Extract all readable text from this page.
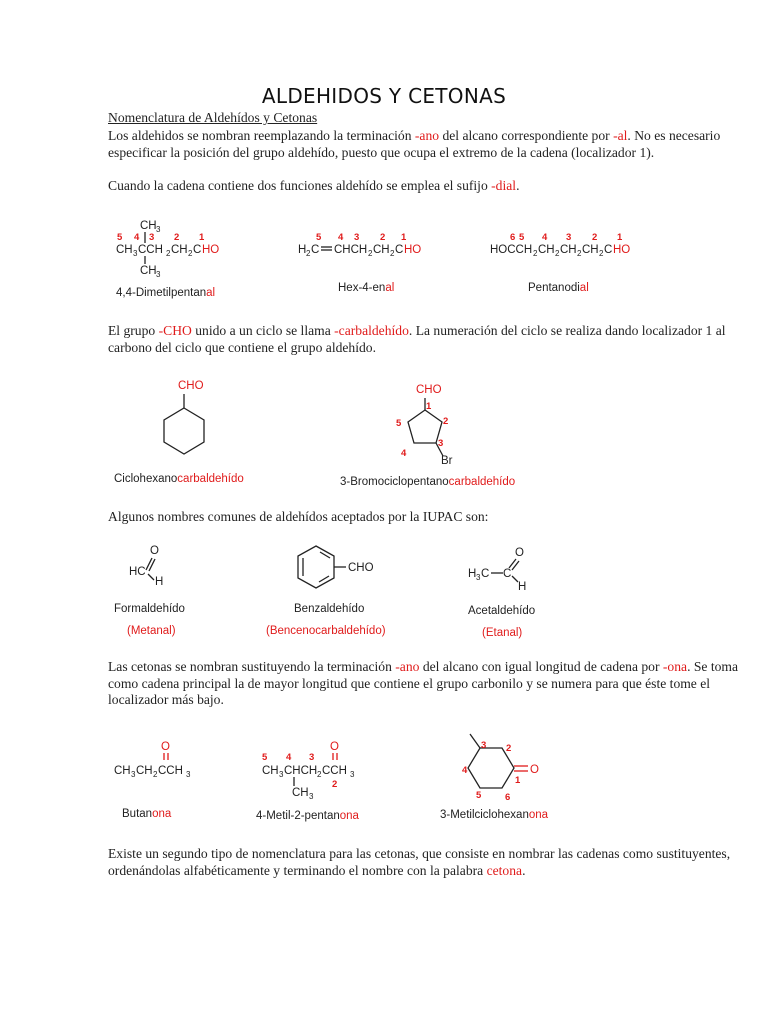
ALDEHIDOS Y CETONAS
Nomenclatura de Aldehídos y Cetonas
Los aldehidos se nombran reemplazando la terminación -ano del alcano correspondiente por -al. No es necesario especificar la posición del grupo aldehído, puesto que ocupa el extremo de la cadena (localizador 1).
Cuando la cadena contiene dos funciones aldehído se emplea el sufijo -dial.
CH 3
5 4 3 2 1
CH 3 CCH 2 CH 2 C HO
CH 3
4,4-Dimetilpentanal
5 4 3 2 1
H 2 C CHCH 2 CH 2 C HO
Hex-4-enal
6 5 4 3 2 1
HOCCH 2 CH 2 CH 2 CH 2 C HO
Pentanodial
El grupo -CHO unido a un ciclo se llama -carbaldehído. La numeración del ciclo se realiza dando localizador 1 al carbono del ciclo que contiene el grupo aldehído.
CHO
Ciclohexanocarbaldehído
CHO
Br
1
2
3
4
5
3-Bromociclopentanocarbaldehído
Algunos nombres comunes de aldehídos aceptados por la IUPAC son:
O
HC
H
Formaldehído
(Metanal)
CHO
Benzaldehído
(Bencenocarbaldehído)
O
H 3 C C
H
Acetaldehído
(Etanal)
Las cetonas se nombran sustituyendo la terminación -ano del alcano con igual longitud de cadena por -ona. Se toma como cadena principal la de mayor longitud que contiene el grupo carbonilo y se numera para que éste tome el localizador más bajo.
O
CH 3 CH 2 CCH 3
Butanona
O
5 4 3
CH 3 CHCH 2 CCH 3
2
CH 3
4-Metil-2-pentanona
O
3 2
1
6
5
4
3-Metilciclohexanona
Existe un segundo tipo de nomenclatura para las cetonas, que consiste en nombrar las cadenas como sustituyentes, ordenándolas alfabéticamente y terminando el nombre con la palabra cetona.
